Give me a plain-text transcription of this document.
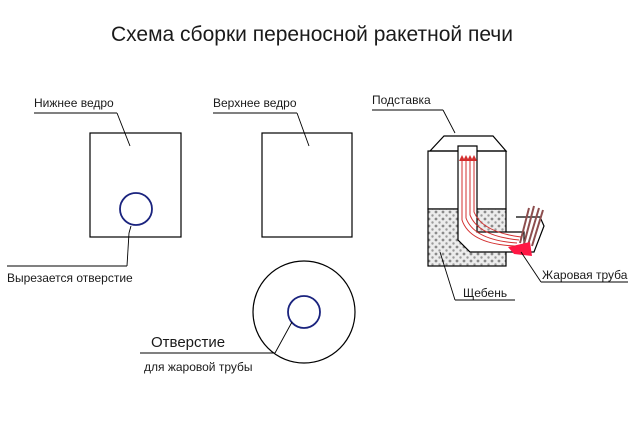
Схема сборки переносной ракетной печи
Нижнее ведро
Вырезается отверстие
Верхнее ведро
Отверстие
для жаровой трубы
Подставка
Жаровая труба
Щебень
